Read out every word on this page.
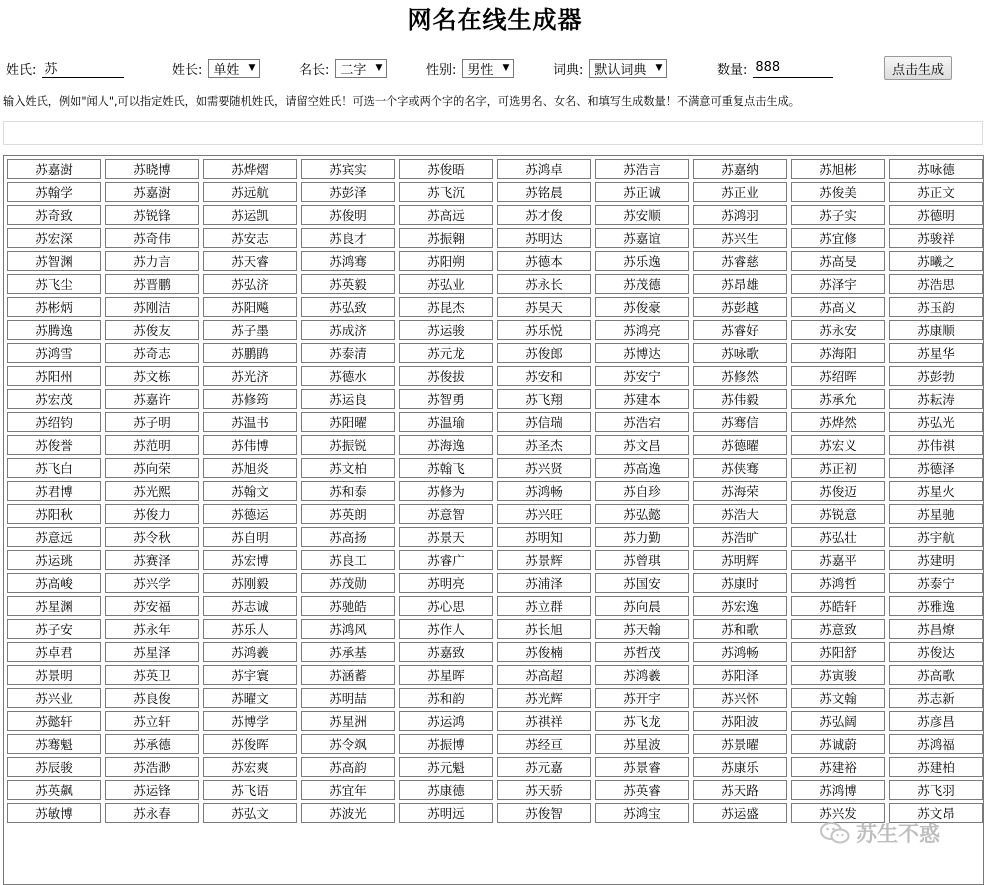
网名在线生成器
姓氏:
苏	姓长: 单姓 ▼	名长: 二字 ▼	性别: 男性 ▼	词典: 默认词典 ▼	数量:
888	点击生成
输入姓氏，例如"闻人",可以指定姓氏，如需要随机姓氏，请留空姓氏！可选一个字或两个字的名字，可选男名、女名、和填写生成数量！不满意可重复点击生成。
苏嘉澍	苏晓博	苏烨熠	苏宾实	苏俊晤	苏鸿卓	苏浩言	苏嘉纳	苏旭彬	苏咏德
苏翰学	苏嘉澍	苏远航	苏彭泽	苏飞沉	苏铭晨	苏正诚	苏正业	苏俊美	苏正文
苏奇致	苏锐锋	苏运凯	苏俊明	苏高远	苏才俊	苏安顺	苏鸿羽	苏子实	苏德明
苏宏深	苏奇伟	苏安志	苏良才	苏振翱	苏明达	苏嘉谊	苏兴生	苏宜修	苏骏祥
苏智渊	苏力言	苏天睿	苏鸿骞	苏阳朔	苏德本	苏乐逸	苏睿慈	苏高旻	苏曦之
苏飞尘	苏晋鹏	苏弘济	苏英毅	苏弘业	苏永长	苏茂德	苏昂雄	苏泽宇	苏浩思
苏彬炳	苏刚洁	苏阳飚	苏弘致	苏昆杰	苏昊天	苏俊豪	苏彭越	苏高义	苏玉韵
苏腾逸	苏俊友	苏子墨	苏成济	苏运骏	苏乐悦	苏鸿亮	苏睿好	苏永安	苏康顺
苏鸿雪	苏奇志	苏鹏鹍	苏泰清	苏元龙	苏俊郎	苏博达	苏咏歌	苏海阳	苏星华
苏阳州	苏文栋	苏光济	苏德水	苏俊拔	苏安和	苏安宁	苏修然	苏绍晖	苏彭勃
苏宏茂	苏嘉许	苏修筠	苏运良	苏智勇	苏飞翔	苏建本	苏伟毅	苏承允	苏耘涛
苏绍钧	苏子明	苏温书	苏阳曜	苏温瑜	苏信瑞	苏浩宕	苏骞信	苏烨然	苏弘光
苏俊誉	苏范明	苏伟博	苏振锐	苏海逸	苏圣杰	苏文昌	苏德曜	苏宏义	苏伟祺
苏飞白	苏向荣	苏旭炎	苏文柏	苏翰飞	苏兴贤	苏高逸	苏侠骞	苏正初	苏德泽
苏君博	苏光熙	苏翰文	苏和泰	苏修为	苏鸿畅	苏自珍	苏海荣	苏俊迈	苏星火
苏阳秋	苏俊力	苏德运	苏英朗	苏意智	苏兴旺	苏弘懿	苏浩大	苏锐意	苏星驰
苏意远	苏令秋	苏自明	苏高扬	苏景天	苏明知	苏力勤	苏浩旷	苏弘壮	苏宇航
苏运珧	苏赛泽	苏宏博	苏良工	苏睿广	苏景辉	苏曾琪	苏明辉	苏嘉平	苏建明
苏高峻	苏兴学	苏刚毅	苏茂勋	苏明亮	苏浦泽	苏国安	苏康时	苏鸿哲	苏泰宁
苏星渊	苏安福	苏志诚	苏驰皓	苏心思	苏立群	苏向晨	苏宏逸	苏皓轩	苏雅逸
苏子安	苏永年	苏乐人	苏鸿风	苏作人	苏长旭	苏天翰	苏和歌	苏意致	苏昌燎
苏卓君	苏星泽	苏鸿羲	苏承基	苏嘉致	苏俊楠	苏哲茂	苏鸿畅	苏阳舒	苏俊达
苏景明	苏英卫	苏宇寰	苏涵蓄	苏星晖	苏高超	苏鸿羲	苏阳泽	苏寅骏	苏高歌
苏兴业	苏良俊	苏曜文	苏明喆	苏和韵	苏光辉	苏开宇	苏兴怀	苏文翰	苏志新
苏懿轩	苏立轩	苏博学	苏星洲	苏运鸿	苏祺祥	苏飞龙	苏阳波	苏弘阔	苏彦昌
苏骞魁	苏承德	苏俊晖	苏令飒	苏振博	苏经亘	苏星波	苏景曜	苏诚蔚	苏鸿福
苏辰骏	苏浩渺	苏宏爽	苏高韵	苏元魁	苏元嘉	苏景睿	苏康乐	苏建裕	苏建柏
苏英飙	苏运锋	苏飞语	苏宜年	苏康德	苏天骄	苏英睿	苏天路	苏鸿博	苏飞羽
苏敏博	苏永春	苏弘文	苏波光	苏明远	苏俊智	苏鸿宝	苏运盛	苏兴发	苏文昂
苏生不惑
